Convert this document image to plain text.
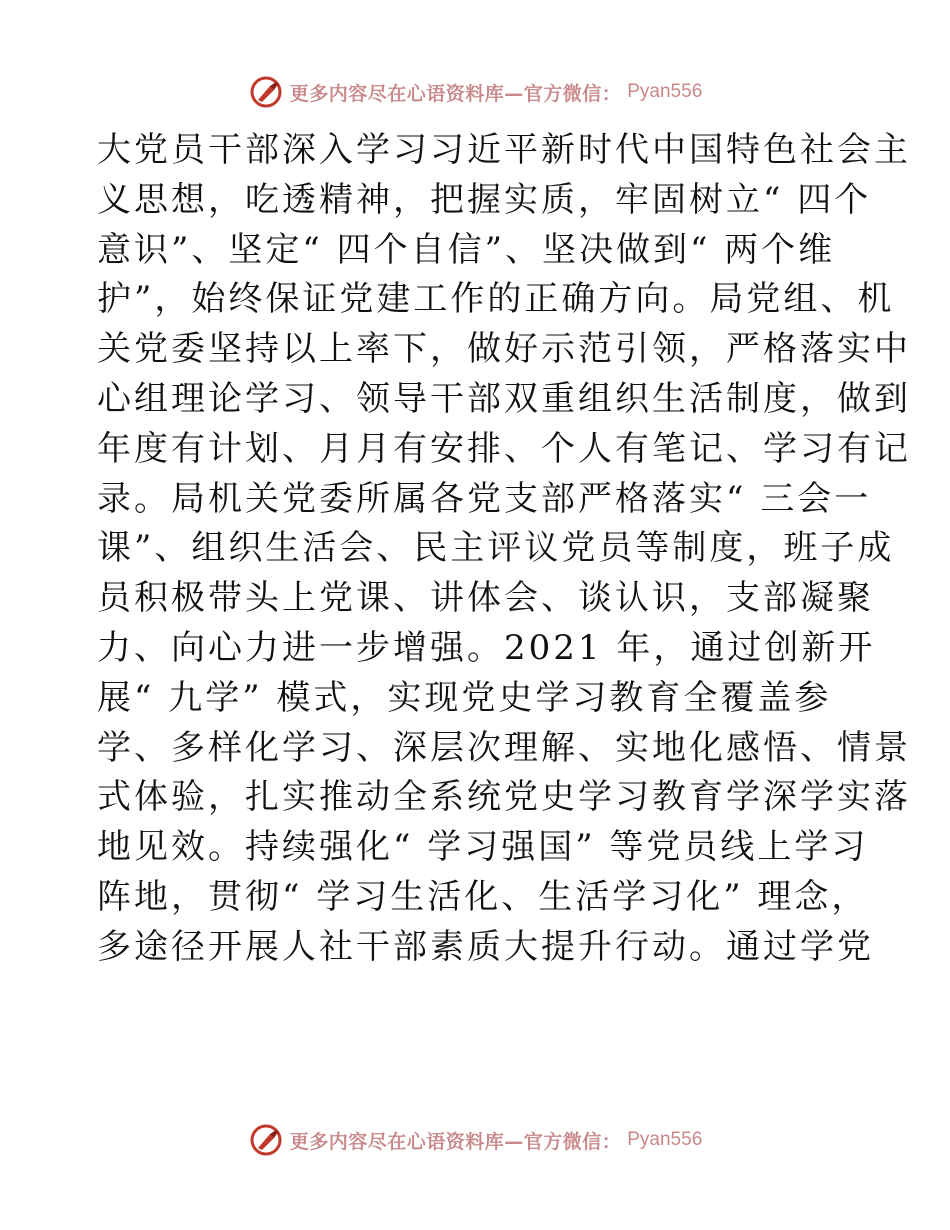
更多内容尽在心语资料库—官方微信： Pyan556
大党员干部深入学习习近平新时代中国特色社会主
义思想，吃透精神，把握实质，牢固树立“ 四个
意识”、坚定“ 四个自信”、坚决做到“ 两个维
护”，始终保证党建工作的正确方向。局党组、机
关党委坚持以上率下，做好示范引领，严格落实中
心组理论学习、领导干部双重组织生活制度，做到
年度有计划、月月有安排、个人有笔记、学习有记
录。局机关党委所属各党支部严格落实“ 三会一
课”、组织生活会、民主评议党员等制度，班子成
员积极带头上党课、讲体会、谈认识，支部凝聚
力、向心力进一步增强。2021 年，通过创新开
展“ 九学” 模式，实现党史学习教育全覆盖参
学、多样化学习、深层次理解、实地化感悟、情景
式体验，扎实推动全系统党史学习教育学深学实落
地见效。持续强化“ 学习强国” 等党员线上学习
阵地，贯彻“ 学习生活化、生活学习化” 理念，
多途径开展人社干部素质大提升行动。通过学党
更多内容尽在心语资料库—官方微信： Pyan556
